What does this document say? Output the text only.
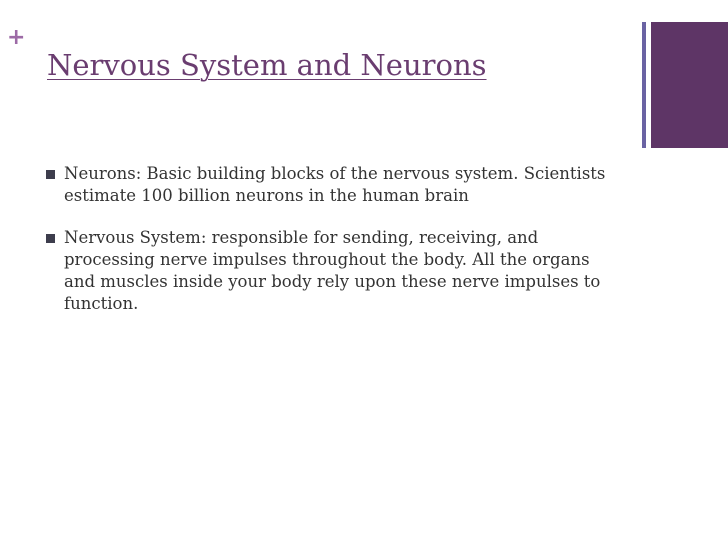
+
Nervous System and Neurons
Neurons: Basic building blocks of the nervous system. Scientists estimate 100 billion neurons in the human brain
Nervous System: responsible for sending, receiving, and processing nerve impulses throughout the body. All the organs and muscles inside your body rely upon these nerve impulses to function.
